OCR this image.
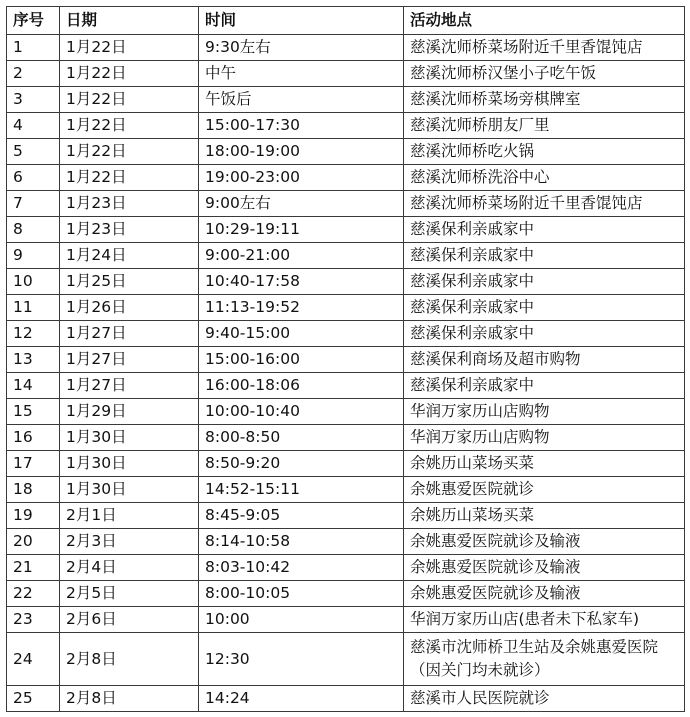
序号	日期	时间	活动地点
1	1月22日	9:30左右	慈溪沈师桥菜场附近千里香馄饨店
2	1月22日	中午	慈溪沈师桥汉堡小子吃午饭
3	1月22日	午饭后	慈溪沈师桥菜场旁棋牌室
4	1月22日	15:00-17:30	慈溪沈师桥朋友厂里
5	1月22日	18:00-19:00	慈溪沈师桥吃火锅
6	1月22日	19:00-23:00	慈溪沈师桥洗浴中心
7	1月23日	9:00左右	慈溪沈师桥菜场附近千里香馄饨店
8	1月23日	10:29-19:11	慈溪保利亲戚家中
9	1月24日	9:00-21:00	慈溪保利亲戚家中
10	1月25日	10:40-17:58	慈溪保利亲戚家中
11	1月26日	11:13-19:52	慈溪保利亲戚家中
12	1月27日	9:40-15:00	慈溪保利亲戚家中
13	1月27日	15:00-16:00	慈溪保利商场及超市购物
14	1月27日	16:00-18:06	慈溪保利亲戚家中
15	1月29日	10:00-10:40	华润万家历山店购物
16	1月30日	8:00-8:50	华润万家历山店购物
17	1月30日	8:50-9:20	余姚历山菜场买菜
18	1月30日	14:52-15:11	余姚惠爱医院就诊
19	2月1日	8:45-9:05	余姚历山菜场买菜
20	2月3日	8:14-10:58	余姚惠爱医院就诊及输液
21	2月4日	8:03-10:42	余姚惠爱医院就诊及输液
22	2月5日	8:00-10:05	余姚惠爱医院就诊及输液
23	2月6日	10:00	华润万家历山店(患者未下私家车)
24	2月8日	12:30	慈溪市沈师桥卫生站及余姚惠爱医院（因关门均未就诊）
25	2月8日	14:24	慈溪市人民医院就诊
